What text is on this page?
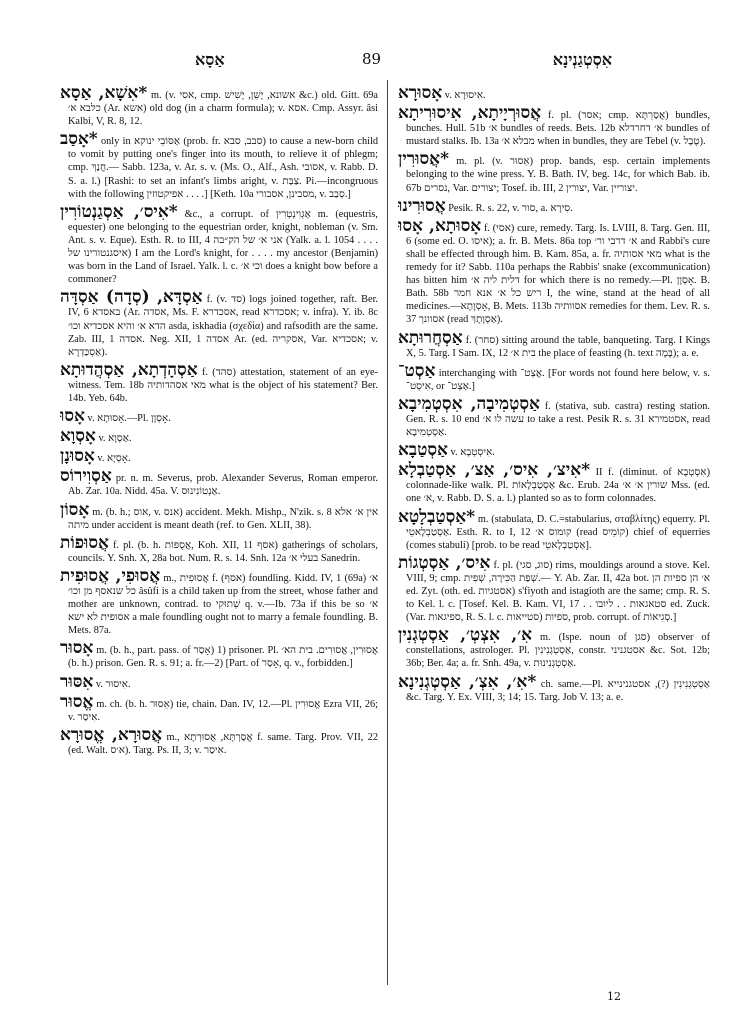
אַסָא	89	אִסְטְגַנְינָא

*אִשָׁא, אַסָא m. (v. אסי, cmp. אשונא, יָשֵׁן, יָשִׁישׁ &c.) old. Gitt. 69a כלבא א׳ (Ar. אשא) old dog (in a charm formula); v. אסא. Cmp. Assyr. âsi Kalbi, V, R. 8, 12.

*אָסַב only in אַסּוֹבֵי ינוקא (prob. fr. סבב, סבא) to cause a new-born child to vomit by putting one's finger into its mouth, to relieve it of phlegm; cmp. חֲנַךְ.— Sabb. 123a, v. Ar. s. v. (Ms. O., Alf., Ash. אסובי, v. Rabb. D. S. a. l.) [Rashi: to set an infant's limbs aright, v. צַבַּת. Pi.—incongruous with the following אפיקטוזין . . . .] [Keth. 10a מסבינן, אסבורי, v. סְבַב.]

*אִיס׳, אַסְגַנְטוֹרִין &c., a corrupt. of אַגְוִינְטְרִין m. (equestris, equester) one belonging to the equestrian order, knight, nobleman (v. Sm. Ant. s. v. Eque). Esth. R. to III, 4 אני א׳ של הק״בה (Yalk. a. l. 1054 . . . . איסגנטורינו של) I am the Lord's knight, for . . . . my ancestor (Benjamin) was born in the Land of Israel. Yalk. l. c. וכי א׳ does a knight bow before a commoner?

אַסְדָּא, (סְדָה) אַסְדָּה f. (v. סד) logs joined together, raft. Ber. IV, 6 באסדא (Ar. אסדה, Ms. F. אסכדרא, read אסכדרא; v. infra). Y. ib. 8c הדא א׳ והיא אסכדיא וכו׳ asda, iskhadia (σχεδία) and rafsodith are the same. Zab. III, 1 אסדה. Neg. XII, 1 אסדה Ar. (ed. אסקריה, Var. אסכדיא; v. אַסְכַּדְרָא).

אַסְהָדְתָא, אַסְהֲדוּתָא f. (סהד) attestation, statement of an eye-witness. Tem. 18b מאי אסהדותיה what is the object of his statement? Ber. 14b. Yeb. 64b.

אָסוּ v. אָסוּתָא.—Pl. אָסְוָן.

אָסְוָא v. אַסְוָא.

אָסוּנָן v. אָסְיָא.

אַסְוִירוֹס pr. n. m. Severus, prob. Alexander Severus, Roman emperor. Ab. Zar. 10a. Nidd. 45a. V. אַנְטוֹנִינוּס.

אָסוֹן m. (b. h.; אוס, v. אנס) accident. Mekh. Mishp., N'zik. s. 8 אין א׳ אלא מיתה under accident is meant death (ref. to Gen. XLII, 38).

אֲסוּפוֹת f. pl. (b. h. אֲסֻפּוֹת, Koh. XII, 11 אסף) gatherings of scholars, councils. Y. Snh. X, 28a bot. Num. R. s. 14. Snh. 12a בעלי א׳ Sanedrin.

אֲסוּפִי, אֲסוּפִית m., אֲסוּפִית f. (אסף) foundling. Kidd. IV, 1 (69a) א׳ כל שנאסף מן וכו׳ âsûfi is a child taken up from the street, whose father and mother are unknown, contrad. to שְׁתוּקִי q. v.—Ib. 73a if this be so א׳ אסופית לא ישא a male foundling ought not to marry a female foundling. B. Mets. 87a.

אָסוּר m. (b. h., part. pass. of אָסַר) 1) prisoner. Pl. אֲסוּרִין, אֲסוּרִים. בית הא׳ (b. h.) prison. Gen. R. s. 91; a. fr.—2) [Part. of אָסַר, q. v., forbidden.]

אִסּוּר v. אִיסוּר.

אֱסוּר m. ch. (b. h. אֵסוּר) tie, chain. Dan. IV, 12.—Pl. אֱסוּרִין Ezra VII, 26; v. אִיסַר.

אֲסוּרָא, אֱסוּרָא m., אֲסַרְתָּא, אֲסוּרְתָא f. same. Targ. Prov. VII, 22 (ed. Walt. א׳ס). Targ. Ps. II, 3; v. אִיסַר.

אָסוּרָא v. אִיסוּרָא.

אֲסוּרְיָיתָא, אִיסוּרִיתָא f. pl. (אסר; cmp. אֲסַרְתָּא) bundles, bunches. Hull. 51b א׳ bundles of reeds. Bets. 12b א׳ דחרדלא bundles of mustard stalks. Ib. 13a מבלא א׳ when in bundles, they are Tebel (v. טֶבֶל).

*אֲסוּרִין m. pl. (v. אֵסוּר) prop. bands, esp. certain implements belonging to the wine press. Y. B. Bath. IV, beg. 14c, for which Bab. ib. 67b נסרים, Var. יצורים; Tosef. ib. III, 2 יצורין, Var. יצוריין.

אֲסוּרִינוּ Pesik. R. s. 22, v. סור, a. סִירָא.

אָסוּתָא, אָסוּ f. (אסי) cure, remedy. Targ. Is. LVIII, 8. Targ. Gen. III, 6 (some ed. O. איסו); a. fr. B. Mets. 86a top א׳ דרבי ור׳ and Rabbi's cure shall be effected through him. B. Kam. 85a, a. fr. מאי אסותיה what is the remedy for it? Sabb. 110a perhaps the Rabbis' snake (excommunication) has bitten him דלית ליה א׳ for which there is no remedy.—Pl. אָסְוָן. B. Bath. 58b ריש כל א׳ אנא חמר I, the wine, stand at the head of all medicines.—אָסְוָתָא, B. Mets. 113b אסוותיה remedies for them. Lev. R. s. 37 אסוונך (read אַסְוָתָךְ).

אַסְחֲרוּתָא f. (סחר) sitting around the table, banqueting. Targ. I Kings X, 5. Targ. I Sam. IX, 12 בית א׳ the place of feasting (h. text בָּמָה); a. e.

אַסְט־ interchanging with אֲצְט־. [For words not found here below, v. s. אִיסְט־, or אַצְט־.]

אַסְטְמִיבָה, אִסְטְמִיבָא f. (stativa, sub. castra) resting station. Gen. R. s. 10 end עשה לו א׳ to take a rest. Pesik R. s. 31 אסטמירא, read אַסְטְמִיבָא.

אַסְטַבָא v. אִיסְטְבָא.

*אִיצ׳, אִיס׳, אַצ׳, אַסְטַבְלָא II f. (diminut. of אִסְטְבָא) colonnade-like walk. Pl. אַסְטַבְלָאוֹת &c. Erub. 24a שורין א׳ א׳ Mss. (ed. one א׳, v. Rabb. D. S. a. l.) planted so as to form colonnades.

*אַסְטַבְלָטָא m. (stabulata, D. C.=stabularius, σταβλίτης) equerry. Pl. אַסְטַבְלָאטֵי. Esth. R. to I, 12 קומוס א׳ (read קוֹמֵיס) chief of equerries (comes stabuli) [prob. to be read אַסְטַבְלָאטֵי].

אִיס׳, אַסְטְגוֹת f. pl. (סוג, סגי) rims, mouldings around a stove. Kel. VIII, 9; cmp. שְׁפַת הַכִּירָה, שְׁפִית.— Y. Ab. Zar. II, 42a bot. א׳ הן ספיות הן ed. Zyt. (oth. ed. אסטגיות) s'fiyoth and istagioth are the same; cmp. R. S. to Kel. l. c. [Tosef. Kel. B. Kam. VI, 17 . . סטאגאות . . ליובו ed. Zuck. (Var. ספיגאות, R. S. l. c. סטייאות) ספיות, prob. corrupt. of סְגִיאוֹת.]

אִ׳, אִצְטְ׳, אַסְטְגְנִין m. (Ispe. noun of סגן) observer of constellations, astrologer. Pl. אַסְטְגְנִינִין, constr. אסטגניני &c. Sot. 12b; 36b; Ber. 4a; a. fr. Snh. 49a, v. אַסְטְגְנִינוּת.

*אִ׳, אִצְ׳, אַסְטְגְנִינָא ch. same.—Pl. אַסְטְגְנִינִין (?), אסטגנינייא &c. Targ. Y. Ex. VIII, 3; 14; 15. Targ. Job V. 13; a. e.

12
